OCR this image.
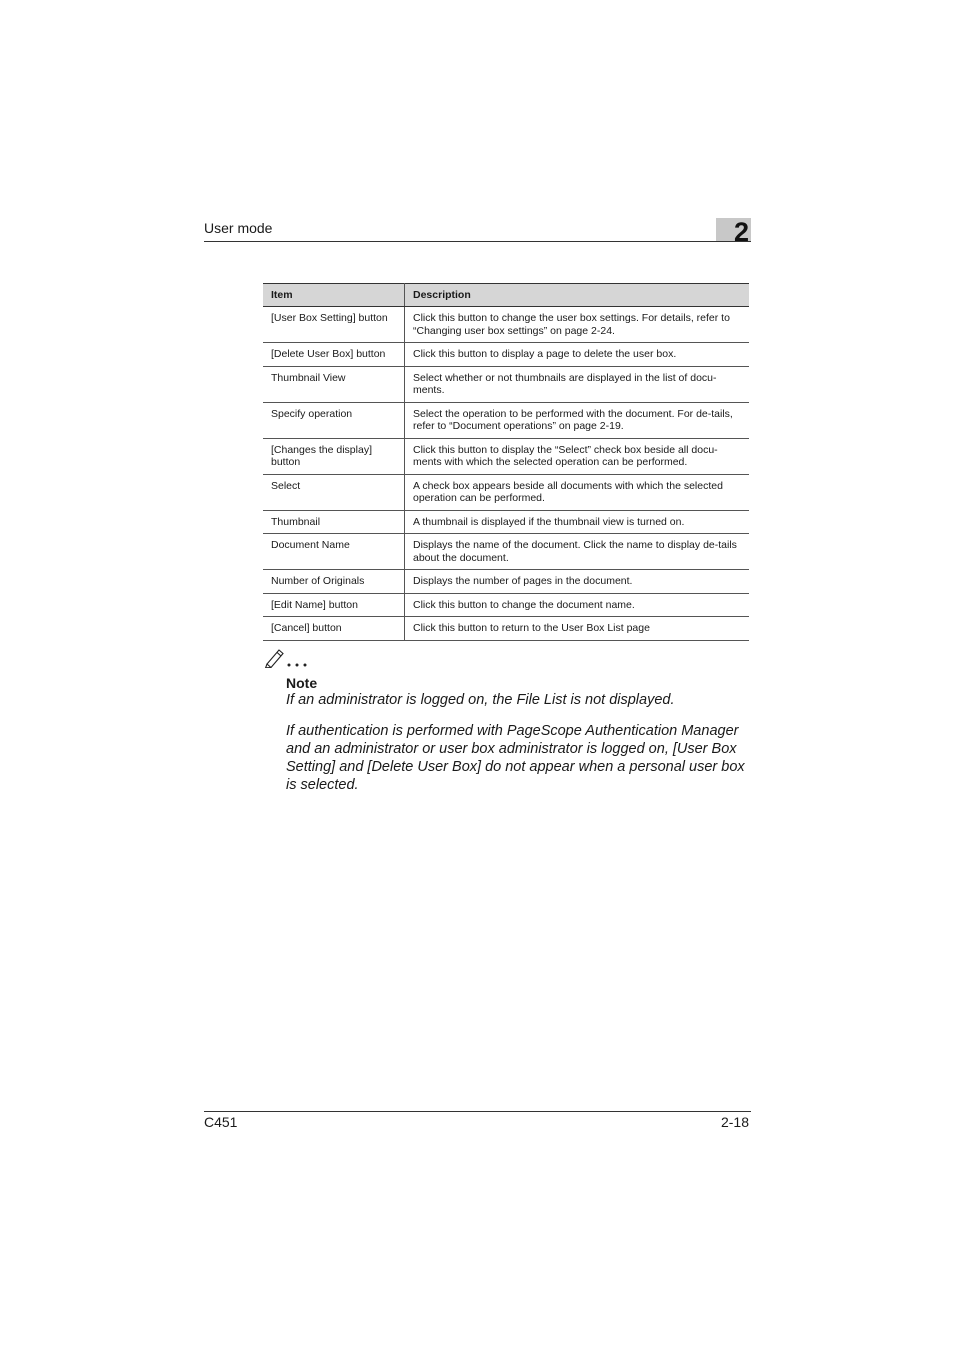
User mode	2
Item	Description
[User Box Setting] button	Click this button to change the user box settings. For details, refer to “Changing user box settings” on page 2-24.
[Delete User Box] button	Click this button to display a page to delete the user box.
Thumbnail View	Select whether or not thumbnails are displayed in the list of docu-ments.
Specify operation	Select the operation to be performed with the document. For de-tails, refer to “Document operations” on page 2-19.
[Changes the display] button	Click this button to display the “Select” check box beside all docu-ments with which the selected operation can be performed.
Select	A check box appears beside all documents with which the selected operation can be performed.
Thumbnail	A thumbnail is displayed if the thumbnail view is turned on.
Document Name	Displays the name of the document. Click the name to display de-tails about the document.
Number of Originals	Displays the number of pages in the document.
[Edit Name] button	Click this button to change the document name.
[Cancel] button	Click this button to return to the User Box List page
Note

If an administrator is logged on, the File List is not displayed.

If authentication is performed with PageScope Authentication Manager and an administrator or user box administrator is logged on, [User Box Setting] and [Delete User Box] do not appear when a personal user box is selected.

C451	2-18
